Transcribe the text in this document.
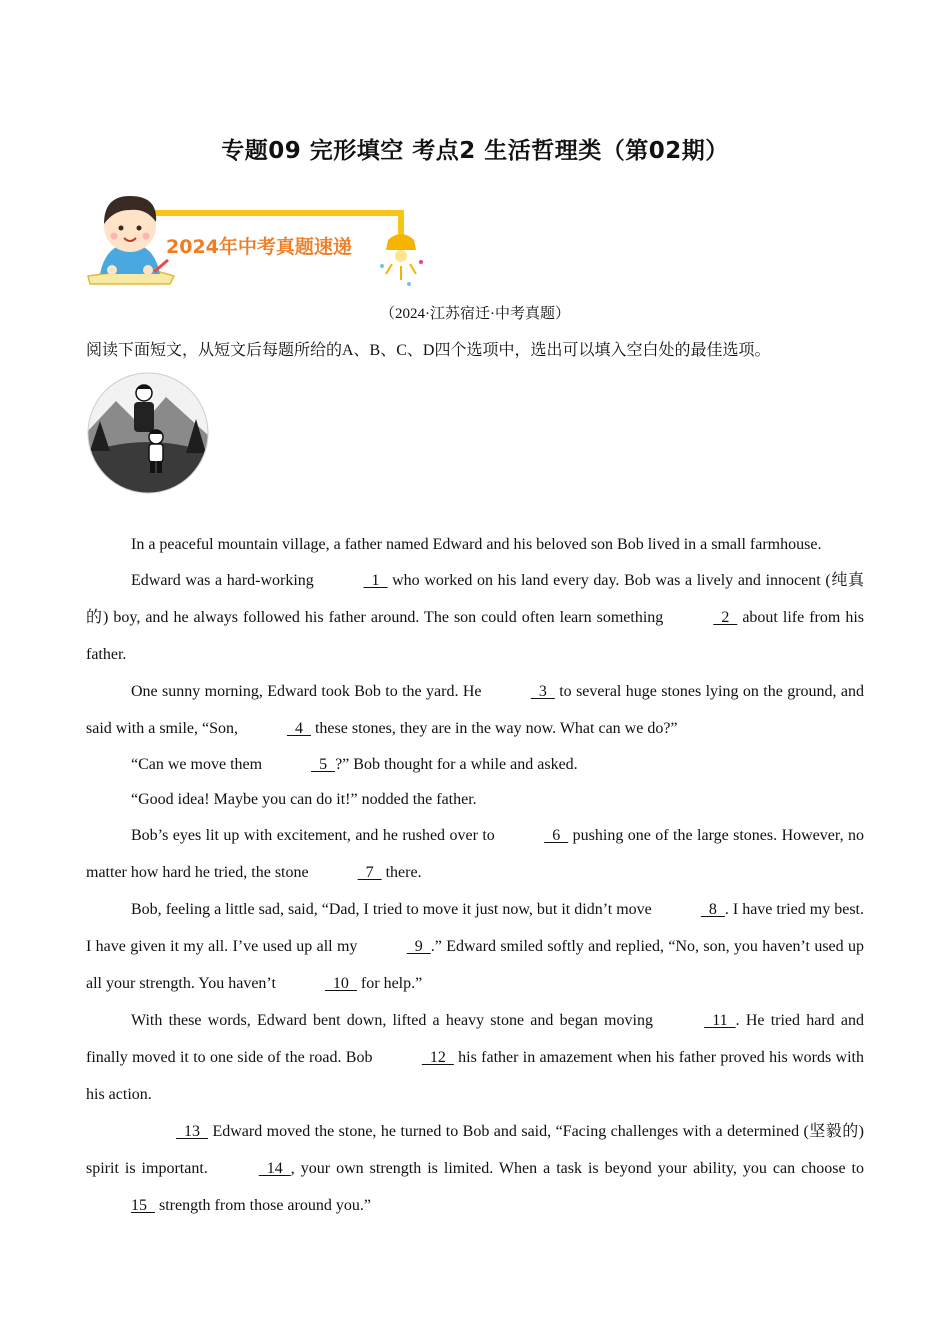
专题09 完形填空 考点2 生活哲理类（第02期）
2024年中考真题速递
（2024·江苏宿迁·中考真题）
阅读下面短文，从短文后每题所给的A、B、C、D四个选项中，选出可以填入空白处的最佳选项。

In a peaceful mountain village, a father named Edward and his beloved son Bob lived in a small farmhouse.

Edward was a hard-working	1   who worked on his land every day. Bob was a lively and innocent (纯真的) boy, and he always followed his father around. The son could often learn something	2   about life from his father.

One sunny morning, Edward took Bob to the yard. He	3   to several huge stones lying on the ground, and said with a smile, “Son,	4   these stones, they are in the way now. What can we do?”

“Can we move them	5  ?” Bob thought for a while and asked.

“Good idea! Maybe you can do it!” nodded the father.

Bob’s eyes lit up with excitement, and he rushed over to	6   pushing one of the large stones. However, no matter how hard he tried, the stone	7   there.

Bob, feeling a little sad, said, “Dad, I tried to move it just now, but it didn’t move	8  . I have tried my best. I have given it my all. I’ve used up all my	9  .” Edward smiled softly and replied, “No, son, you haven’t used up all your strength. You haven’t	10   for help.”

With these words, Edward bent down, lifted a heavy stone and began moving	11  . He tried hard and finally moved it to one side of the road. Bob	12   his father in amazement when his father proved his words with his action.

13   Edward moved the stone, he turned to Bob and said, “Facing challenges with a determined (坚毅的) spirit is important.	14  , your own strength is limited. When a task is beyond your ability, you can choose to 15   strength from those around you.”
